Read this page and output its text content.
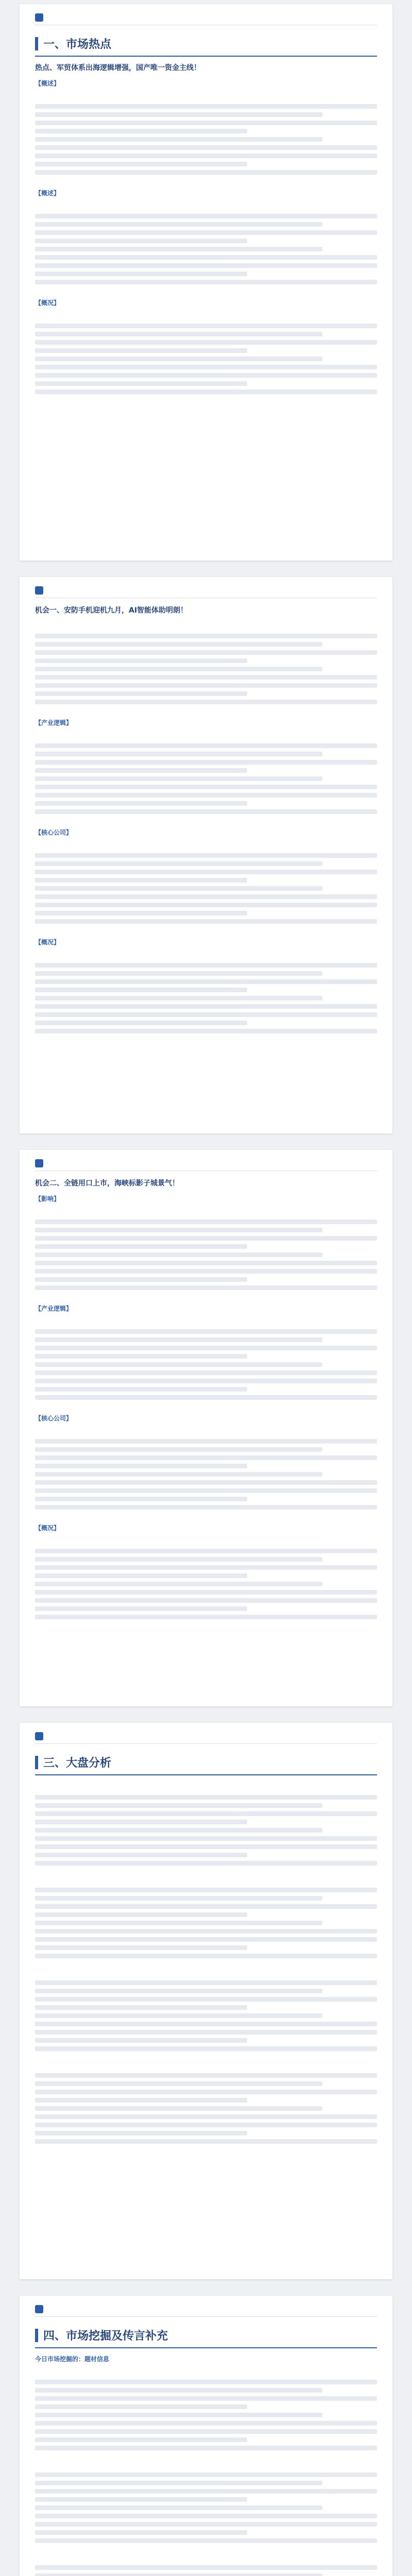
一、市场热点
热点、军贸体系出海逻辑增强，国产唯一资金主线！
【概述】
【概述】
【概况】
机会一、安防手机迎机九月，AI智能体助明朗！
【产业逻辑】
【核心公司】
【概况】
机会二、全链用口上市，海峡标影子城景气！
【影响】
【产业逻辑】
【核心公司】
【概况】
三、大盘分析
四、市场挖掘及传言补充
今日市场挖掘的：题材信息
